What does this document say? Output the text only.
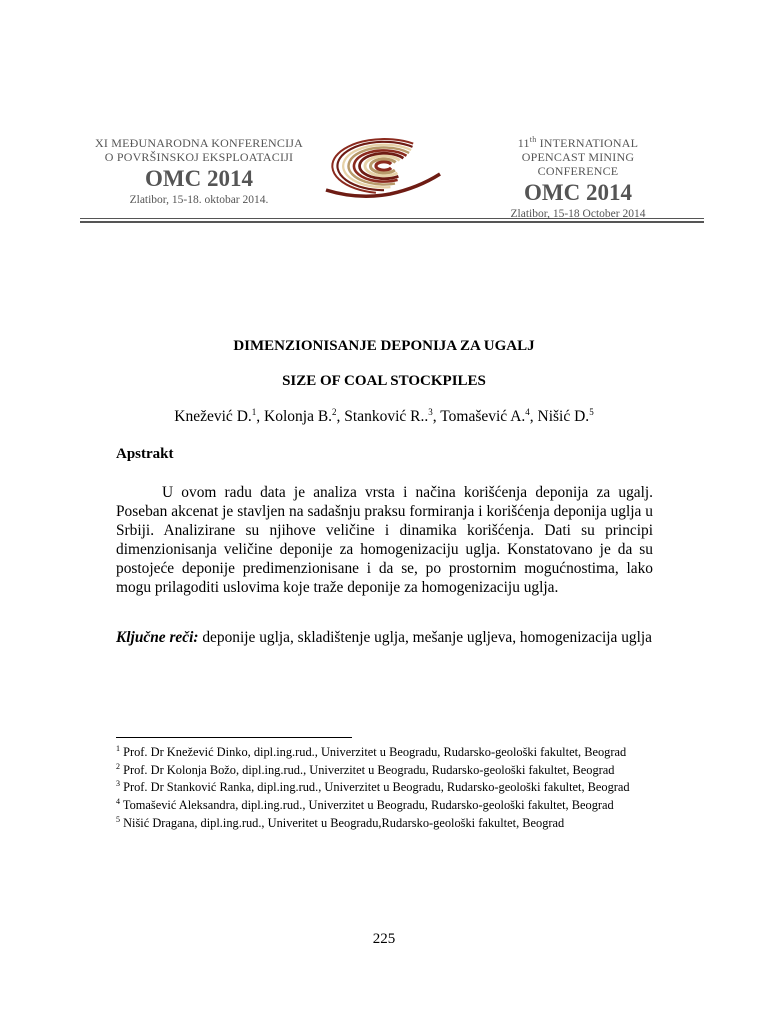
XI MEĐUNARODNA KONFERENCIJA
O POVRŠINSKOJ EKSPLOATACIJI
OMC 2014
Zlatibor, 15-18. oktobar 2014.
11th INTERNATIONAL
OPENCAST MINING CONFERENCE
OMC 2014
Zlatibor, 15-18 October 2014
DIMENZIONISANJE DEPONIJA ZA UGALJ
SIZE OF COAL STOCKPILES
Knežević D.$^1$, Kolonja B.$^2$, Stanković R..$^3$, Tomašević A.$^4$, Nišić D.$^5$
Apstrakt

U ovom radu data je analiza vrsta i načina korišćenja deponija za ugalj. Poseban akcenat je stavljen na sadašnju praksu formiranja i korišćenja deponija uglja u Srbiji. Analizirane su njihove veličine i dinamika korišćenja. Dati su principi dimenzionisanja veličine deponije za homogenizaciju uglja. Konstatovano je da su postojeće deponije predimenzionisane i da se, po prostornim mogućnostima, lako mogu prilagoditi uslovima koje traže deponije za homogenizaciju uglja.

Ključne reči: deponije uglja, skladištenje uglja, mešanje ugljeva, homogenizacija uglja

$^1$ Prof. Dr Knežević Dinko, dipl.ing.rud., Univerzitet u Beogradu, Rudarsko-geološki fakultet, Beograd

$^2$ Prof. Dr Kolonja Božo, dipl.ing.rud., Univerzitet u Beogradu, Rudarsko-geološki fakultet, Beograd

$^3$ Prof. Dr Stanković Ranka, dipl.ing.rud., Univerzitet u Beogradu, Rudarsko-geološki fakultet, Beograd

$^4$ Tomašević Aleksandra, dipl.ing.rud., Univerzitet u Beogradu, Rudarsko-geološki fakultet, Beograd

$^5$ Nišić Dragana, dipl.ing.rud., Univeritet u Beogradu,Rudarsko-geološki fakultet, Beograd

225
